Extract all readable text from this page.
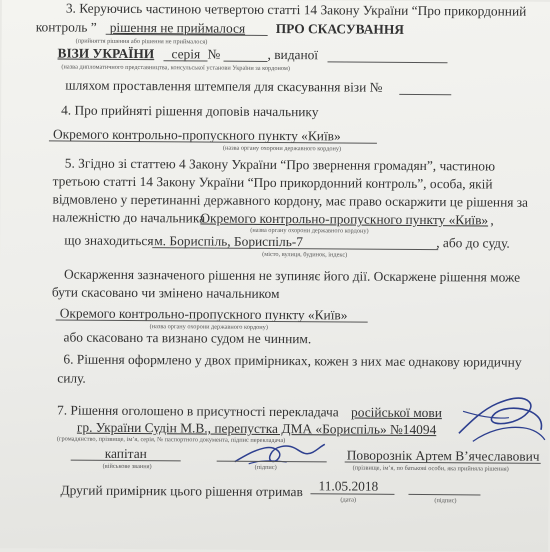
3. Керуючись частиною четвертою статті 14 Закону України “Про прикордонний
контроль ” рішення не приймалося ПРО СКАСУВАННЯ
(прийняття рішення або рішення не приймалося)
ВІЗИ УКРАЇНИ серія №	, виданої
(назва дипломатичного представництва, консульської установи України за кордоном)
шляхом проставлення штемпеля для скасування візи №
4. Про прийняті рішення доповів начальнику
Окремого контрольно-пропускного пункту «Київ»
(назва органу охорони державного кордону)
5. Згідно зі статтею 4 Закону України “Про звернення громадян”, частиною
третьою статті 14 Закону України “Про прикордонний контроль”, особа, якій
відмовлено у перетинанні державного кордону, має право оскаржити це рішення за
належністю до начальника
Окремого контрольно-пропускного пункту «Київ» ,
(назва органу охорони державного кордону)
що знаходиться м. Бориспіль, Бориспіль-7	, або до суду.
(місто, вулиця, будинок, індекс)
Оскарження зазначеного рішення не зупиняє його дії. Оскаржене рішення може
бути скасовано чи змінено начальником
Окремого контрольно-пропускного пункту «Київ»
(назва органу охорони державного кордону)
або скасовано та визнано судом не чинним.
6. Рішення оформлено у двох примірниках, кожен з них має однакову юридичну
силу.
7. Рішення оголошено в присутності перекладача російської мови
гр. України Судін М.В., перепустка ДМА «Бориспіль» №14094
(громадянство, прізвище, ім’я, серія, № паспортного документа, підпис перекладача)
капітан
(військове звання)	(підпис)
Поворознік Артем В’ячеславович
(прізвище, ім’я, по батькові особи, яка прийняла рішення)
Другий примірник цього рішення отримав 11.05.2018
(дата)	(підпис)
